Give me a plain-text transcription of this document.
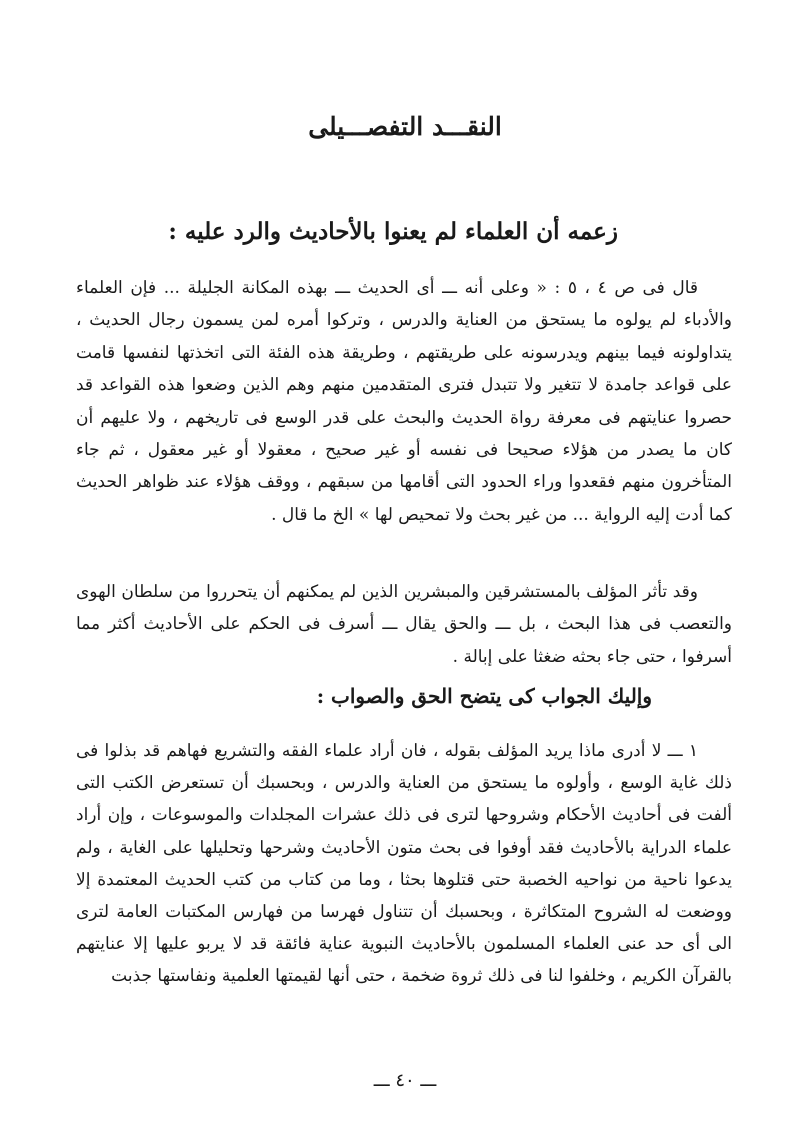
النقـــد التفصـــيلى
زعمه أن العلماء لم يعنوا بالأحاديث والرد عليه :

قال فى ص ٤ ، ٥ : « وعلى أنه ـــ أى الحديث ـــ بهذه المكانة الجليلة ... فإن العلماء والأدباء لم يولوه ما يستحق من العناية والدرس ، وتركوا أمره لمن يسمون رجال الحديث ، يتداولونه فيما بينهم ويدرسونه على طريقتهم ، وطريقة هذه الفئة التى اتخذتها لنفسها قامت على قواعد جامدة لا تتغير ولا تتبدل فترى المتقدمين منهم وهم الذين وضعوا هذه القواعد قد حصروا عنايتهم فى معرفة رواة الحديث والبحث على قدر الوسع فى تاريخهم ، ولا عليهم أن كان ما يصدر من هؤلاء صحيحا فى نفسه أو غير صحيح ، معقولا أو غير معقول ، ثم جاء المتأخرون منهم فقعدوا وراء الحدود التى أقامها من سبقهم ، ووقف هؤلاء عند ظواهر الحديث كما أدت إليه الرواية ... من غير بحث ولا تمحيص لها » الخ ما قال .

وقد تأثر المؤلف بالمستشرقين والمبشرين الذين لم يمكنهم أن يتحرروا من سلطان الهوى والتعصب فى هذا البحث ، بل ـــ والحق يقال ـــ أسرف فى الحكم على الأحاديث أكثر مما أسرفوا ، حتى جاء بحثه ضغثا على إبالة .

وإليك الجواب كى يتضح الحق والصواب :

١ ـــ لا أدرى ماذا يريد المؤلف بقوله ، فان أراد علماء الفقه والتشريع فهاهم قد بذلوا فى ذلك غاية الوسع ، وأولوه ما يستحق من العناية والدرس ، وبحسبك أن تستعرض الكتب التى ألفت فى أحاديث الأحكام وشروحها لترى فى ذلك عشرات المجلدات والموسوعات ، وإن أراد علماء الدراية بالأحاديث فقد أوفوا فى بحث متون الأحاديث وشرحها وتحليلها على الغاية ، ولم يدعوا ناحية من نواحيه الخصبة حتى قتلوها بحثا ، وما من كتاب من كتب الحديث المعتمدة إلا ووضعت له الشروح المتكاثرة ، وبحسبك أن تتناول فهرسا من فهارس المكتبات العامة لترى الى أى حد عنى العلماء المسلمون بالأحاديث النبوية عناية فائقة قد لا يربو عليها إلا عنايتهم بالقرآن الكريم ، وخلفوا لنا فى ذلك ثروة ضخمة ، حتى أنها لقيمتها العلمية ونفاستها جذبت

ـــ ٤٠ ـــ
